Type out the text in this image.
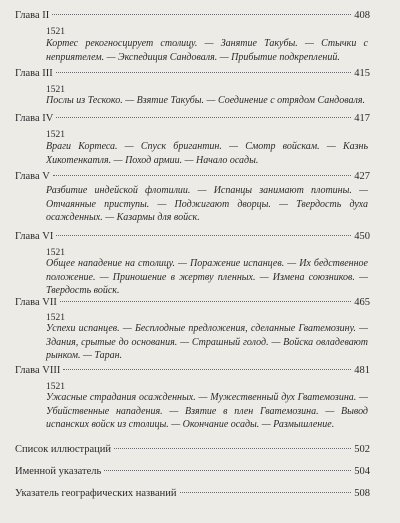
Глава II	408
1521
Кортес рекогносцирует столицу. — Занятие Такубы. — Стычки с неприятелем. — Экспедиция Сандоваля. — Прибытие подкреплений.
Глава III	415
1521
Послы из Тескоко. — Взятие Такубы. — Соединение с отрядом Сандоваля.
Глава IV	417
1521
Враги Кортеса. — Спуск бригантин. — Смотр войскам. — Казнь Хикотенкатля. — Поход армии. — Начало осады.
Глава V	427
Разбитие индейской флотилии. — Испанцы занимают плотины. — Отчаянные приступы. — Поджигают дворцы. — Твердость духа осажденных. — Казармы для войск.
Глава VI	450
1521
Общее нападение на столицу. — Поражение испанцев. — Их бедственное положение. — Приношение в жертву пленных. — Измена союзников. — Твердость войск.
Глава VII	465
1521
Успехи испанцев. — Бесплодные предложения, сделанные Гватемозину. — Здания, срытые до основания. — Страшный голод. — Войска овладевают рынком. — Таран.
Глава VIII	481
1521
Ужасные страдания осажденных. — Мужественный дух Гватемозина. — Убийственные нападения. — Взятие в плен Гватемозина. — Вывод испанских войск из столицы. — Окончание осады. — Размышление.
Список иллюстраций	502
Именной указатель	504
Указатель географических названий	508
